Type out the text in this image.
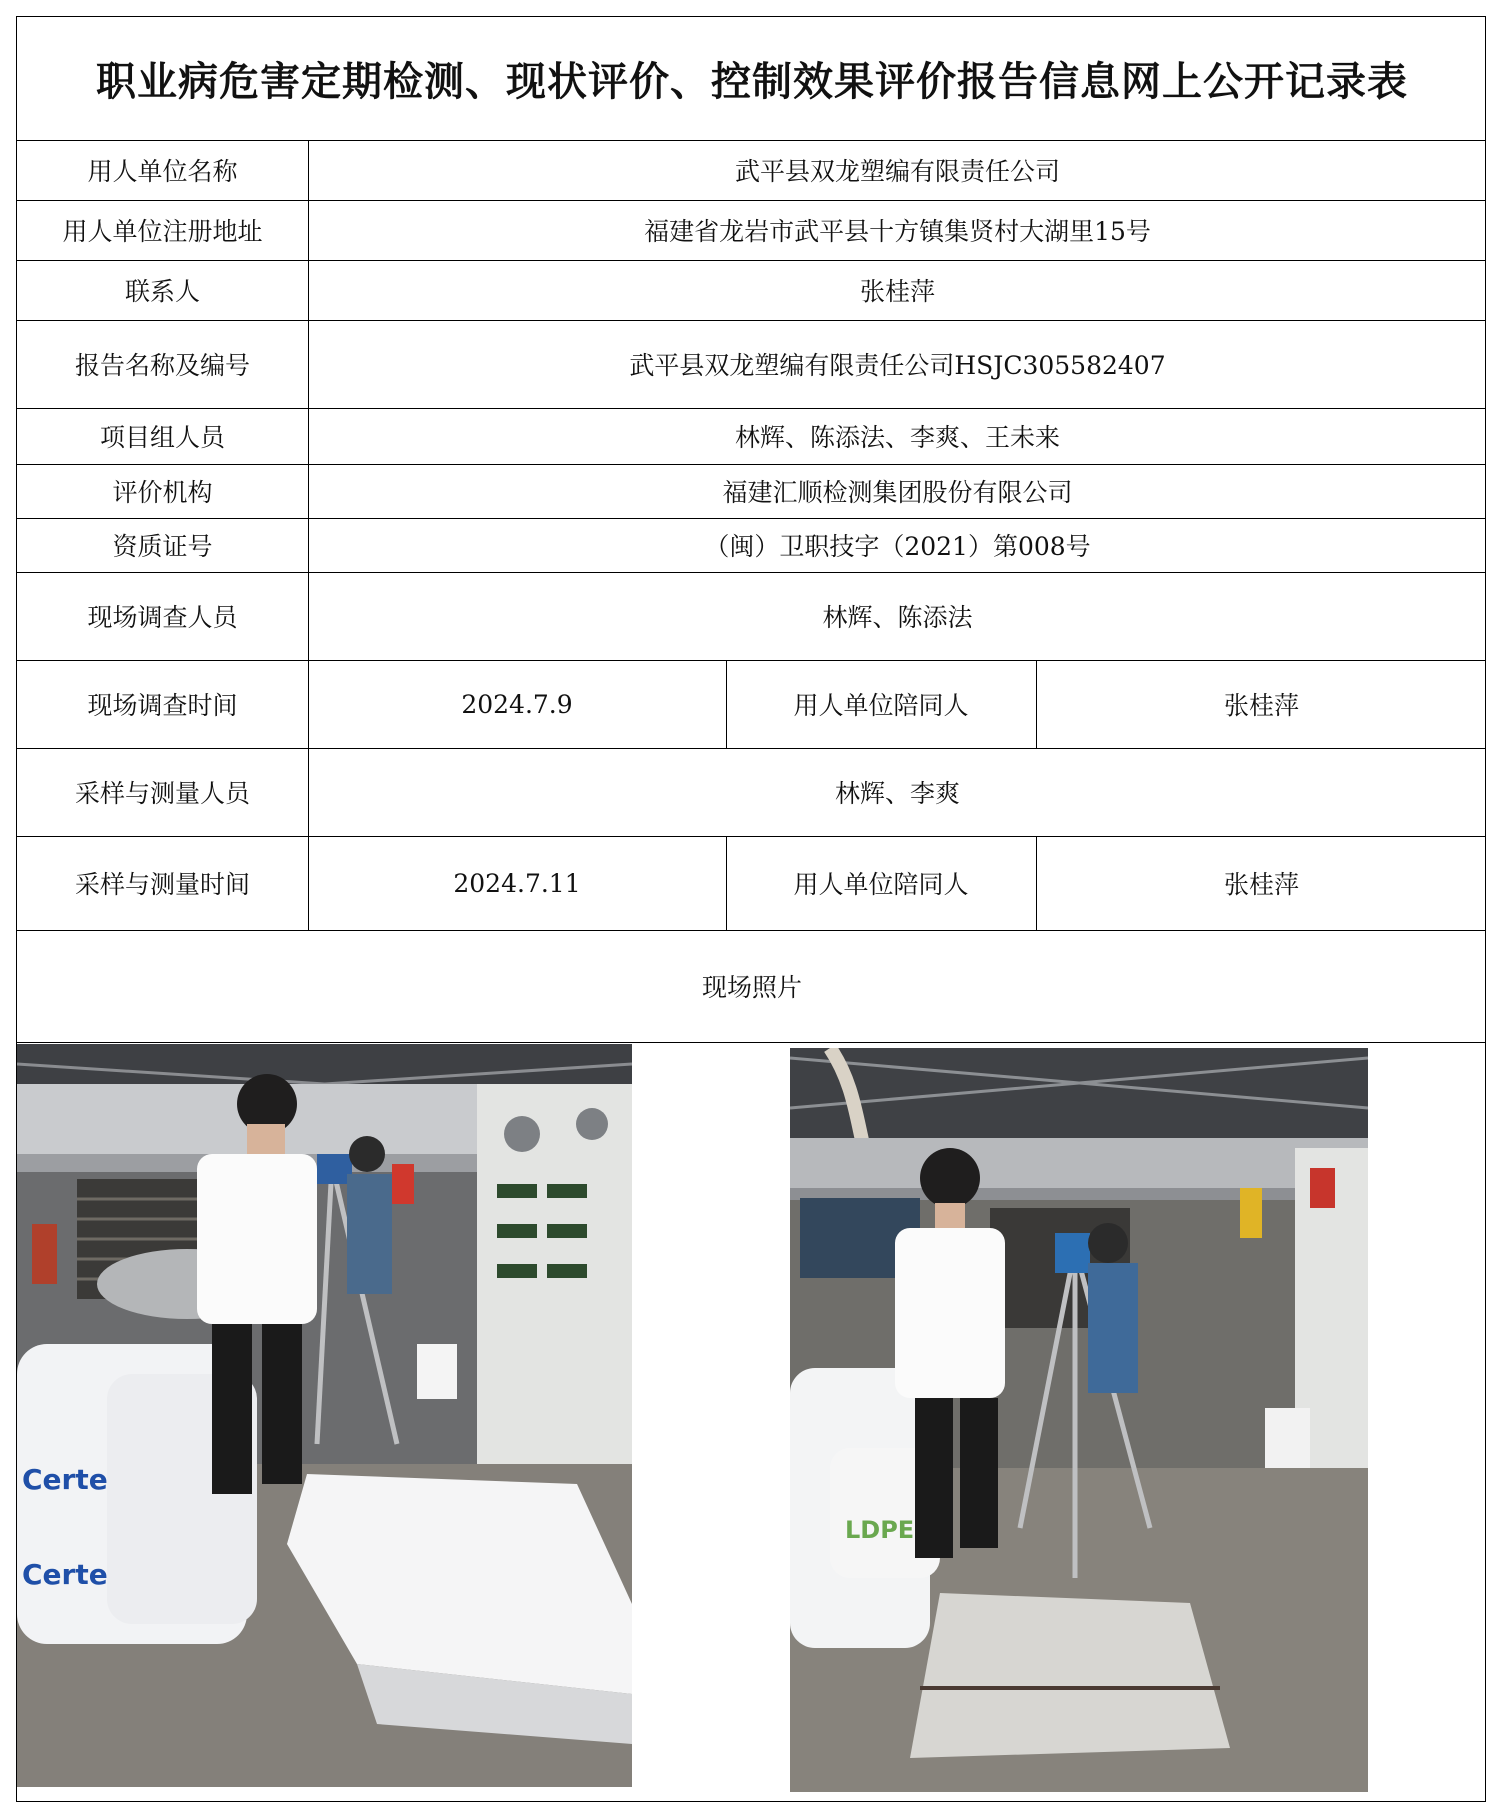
职业病危害定期检测、现状评价、控制效果评价报告信息网上公开记录表
用人单位名称	武平县双龙塑编有限责任公司
用人单位注册地址	福建省龙岩市武平县十方镇集贤村大湖里15号
联系人	张桂萍
报告名称及编号	武平县双龙塑编有限责任公司HSJC305582407
项目组人员	林辉、陈添法、李爽、王未来
评价机构	福建汇顺检测集团股份有限公司
资质证号	（闽）卫职技字（2021）第008号
现场调查人员	林辉、陈添法
现场调查时间	2024.7.9	用人单位陪同人	张桂萍
采样与测量人员	林辉、李爽
采样与测量时间	2024.7.11	用人单位陪同人	张桂萍
现场照片
Certe
Certe
LDPE
